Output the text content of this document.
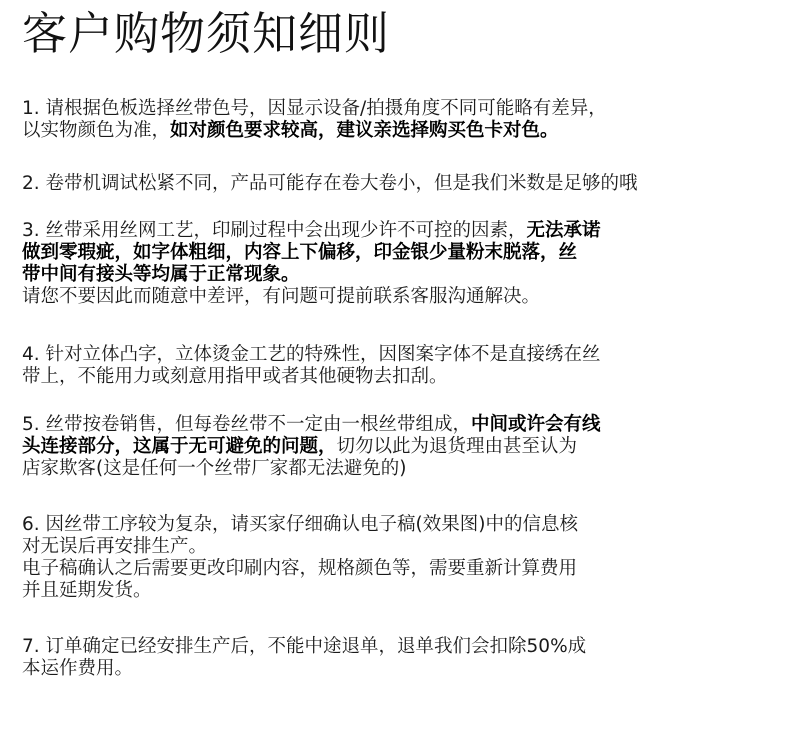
客户购物须知细则
1. 请根据色板选择丝带色号，因显示设备/拍摄角度不同可能略有差异，
以实物颜色为准，如对颜色要求较高，建议亲选择购买色卡对色。
2. 卷带机调试松紧不同，产品可能存在卷大卷小，但是我们米数是足够的哦
3. 丝带采用丝网工艺，印刷过程中会出现少许不可控的因素，无法承诺
做到零瑕疵，如字体粗细，内容上下偏移，印金银少量粉末脱落，丝
带中间有接头等均属于正常现象。
请您不要因此而随意中差评，有问题可提前联系客服沟通解决。
4. 针对立体凸字，立体烫金工艺的特殊性，因图案字体不是直接绣在丝
带上，不能用力或刻意用指甲或者其他硬物去扣刮。
5. 丝带按卷销售，但每卷丝带不一定由一根丝带组成，中间或许会有线
头连接部分，这属于无可避免的问题，切勿以此为退货理由甚至认为
店家欺客(这是任何一个丝带厂家都无法避免的)
6. 因丝带工序较为复杂，请买家仔细确认电子稿(效果图)中的信息核
对无误后再安排生产。
电子稿确认之后需要更改印刷内容，规格颜色等，需要重新计算费用
并且延期发货。
7. 订单确定已经安排生产后，不能中途退单，退单我们会扣除50%成
本运作费用。
